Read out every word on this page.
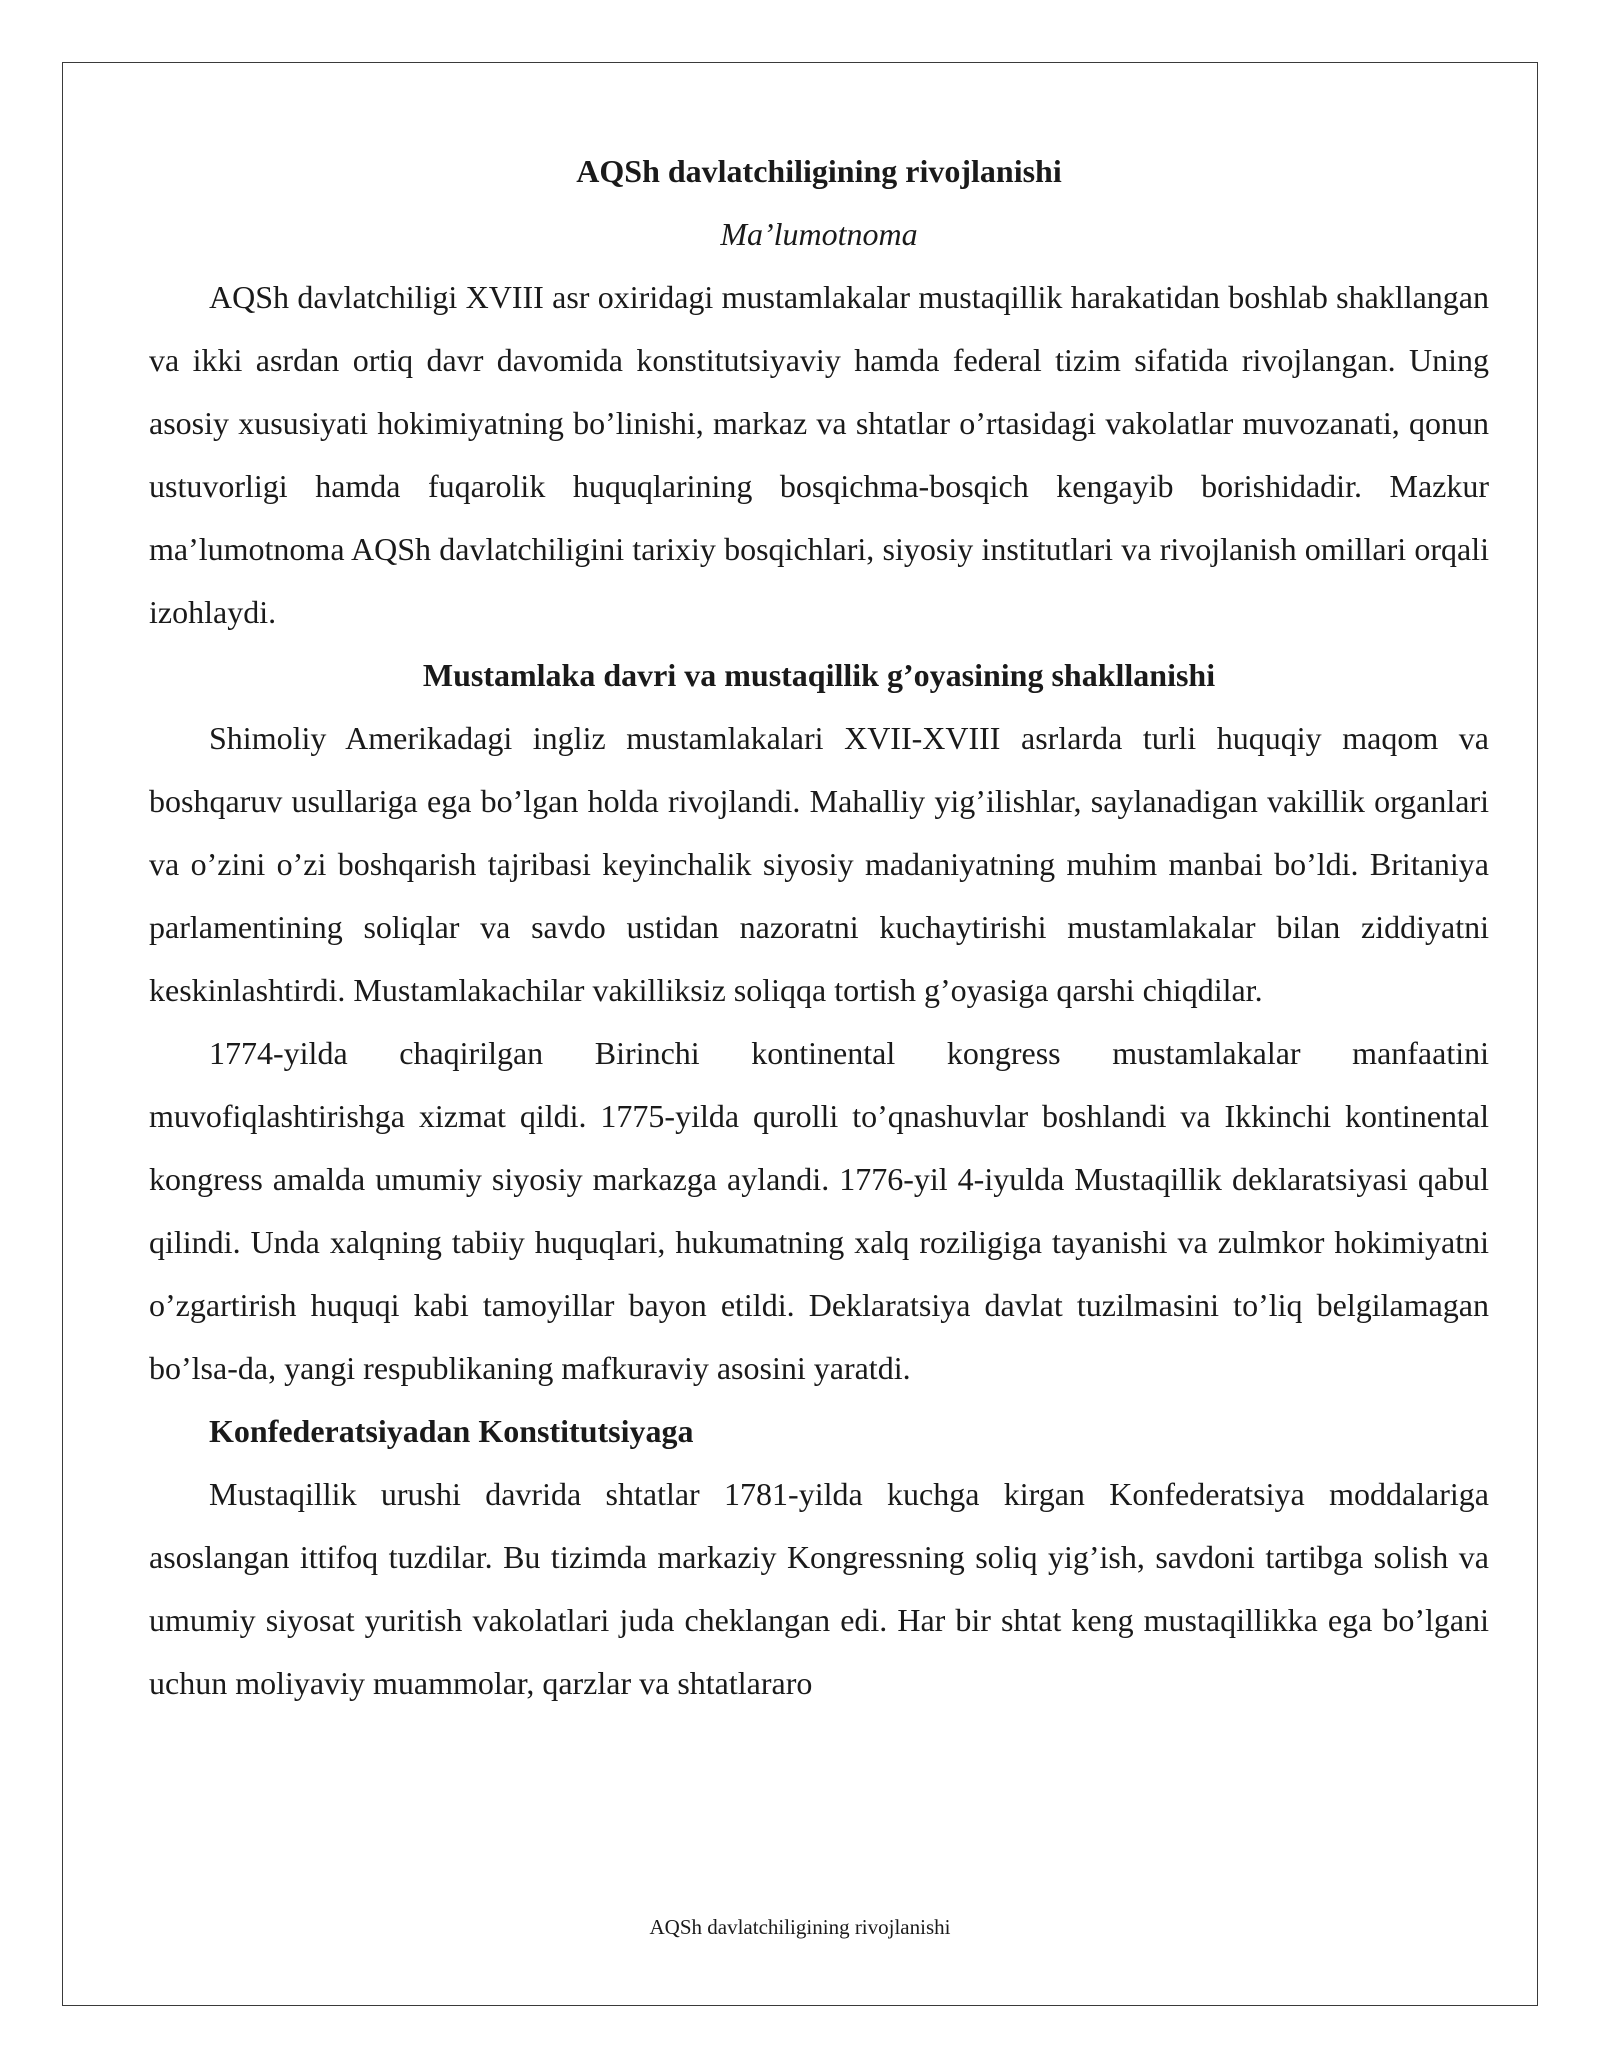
AQSh davlatchiligining rivojlanishi

Ma’lumotnoma

AQSh davlatchiligi XVIII asr oxiridagi mustamlakalar mustaqillik harakatidan boshlab shakllangan va ikki asrdan ortiq davr davomida konstitutsiyaviy hamda federal tizim sifatida rivojlangan. Uning asosiy xususiyati hokimiyatning bo’linishi, markaz va shtatlar o’rtasidagi vakolatlar muvozanati, qonun ustuvorligi hamda fuqarolik huquqlarining bosqichma-bosqich kengayib borishidadir. Mazkur ma’lumotnoma AQSh davlatchiligini tarixiy bosqichlari, siyosiy institutlari va rivojlanish omillari orqali izohlaydi.

Mustamlaka davri va mustaqillik gʼoyasining shakllanishi

Shimoliy Amerikadagi ingliz mustamlakalari XVII-XVIII asrlarda turli huquqiy maqom va boshqaruv usullariga ega bo’lgan holda rivojlandi. Mahalliy yig’ilishlar, saylanadigan vakillik organlari va o’zini o’zi boshqarish tajribasi keyinchalik siyosiy madaniyatning muhim manbai bo’ldi. Britaniya parlamentining soliqlar va savdo ustidan nazoratni kuchaytirishi mustamlakalar bilan ziddiyatni keskinlashtirdi. Mustamlakachilar vakilliksiz soliqqa tortish g’oyasiga qarshi chiqdilar.

1774-yilda chaqirilgan Birinchi kontinental kongress mustamlakalar manfaatini muvofiqlashtirishga xizmat qildi. 1775-yilda qurolli to’qnashuvlar boshlandi va Ikkinchi kontinental kongress amalda umumiy siyosiy markazga aylandi. 1776-yil 4-iyulda Mustaqillik deklaratsiyasi qabul qilindi. Unda xalqning tabiiy huquqlari, hukumatning xalq roziligiga tayanishi va zulmkor hokimiyatni o’zgartirish huquqi kabi tamoyillar bayon etildi. Deklaratsiya davlat tuzilmasini to’liq belgilamagan bo’lsa-da, yangi respublikaning mafkuraviy asosini yaratdi.

Konfederatsiyadan Konstitutsiyaga

Mustaqillik urushi davrida shtatlar 1781-yilda kuchga kirgan Konfederatsiya moddalariga asoslangan ittifoq tuzdilar. Bu tizimda markaziy Kongressning soliq yig’ish, savdoni tartibga solish va umumiy siyosat yuritish vakolatlari juda cheklangan edi. Har bir shtat keng mustaqillikka ega bo’lgani uchun moliyaviy muammolar, qarzlar va shtatlararo

AQSh davlatchiligining rivojlanishi
